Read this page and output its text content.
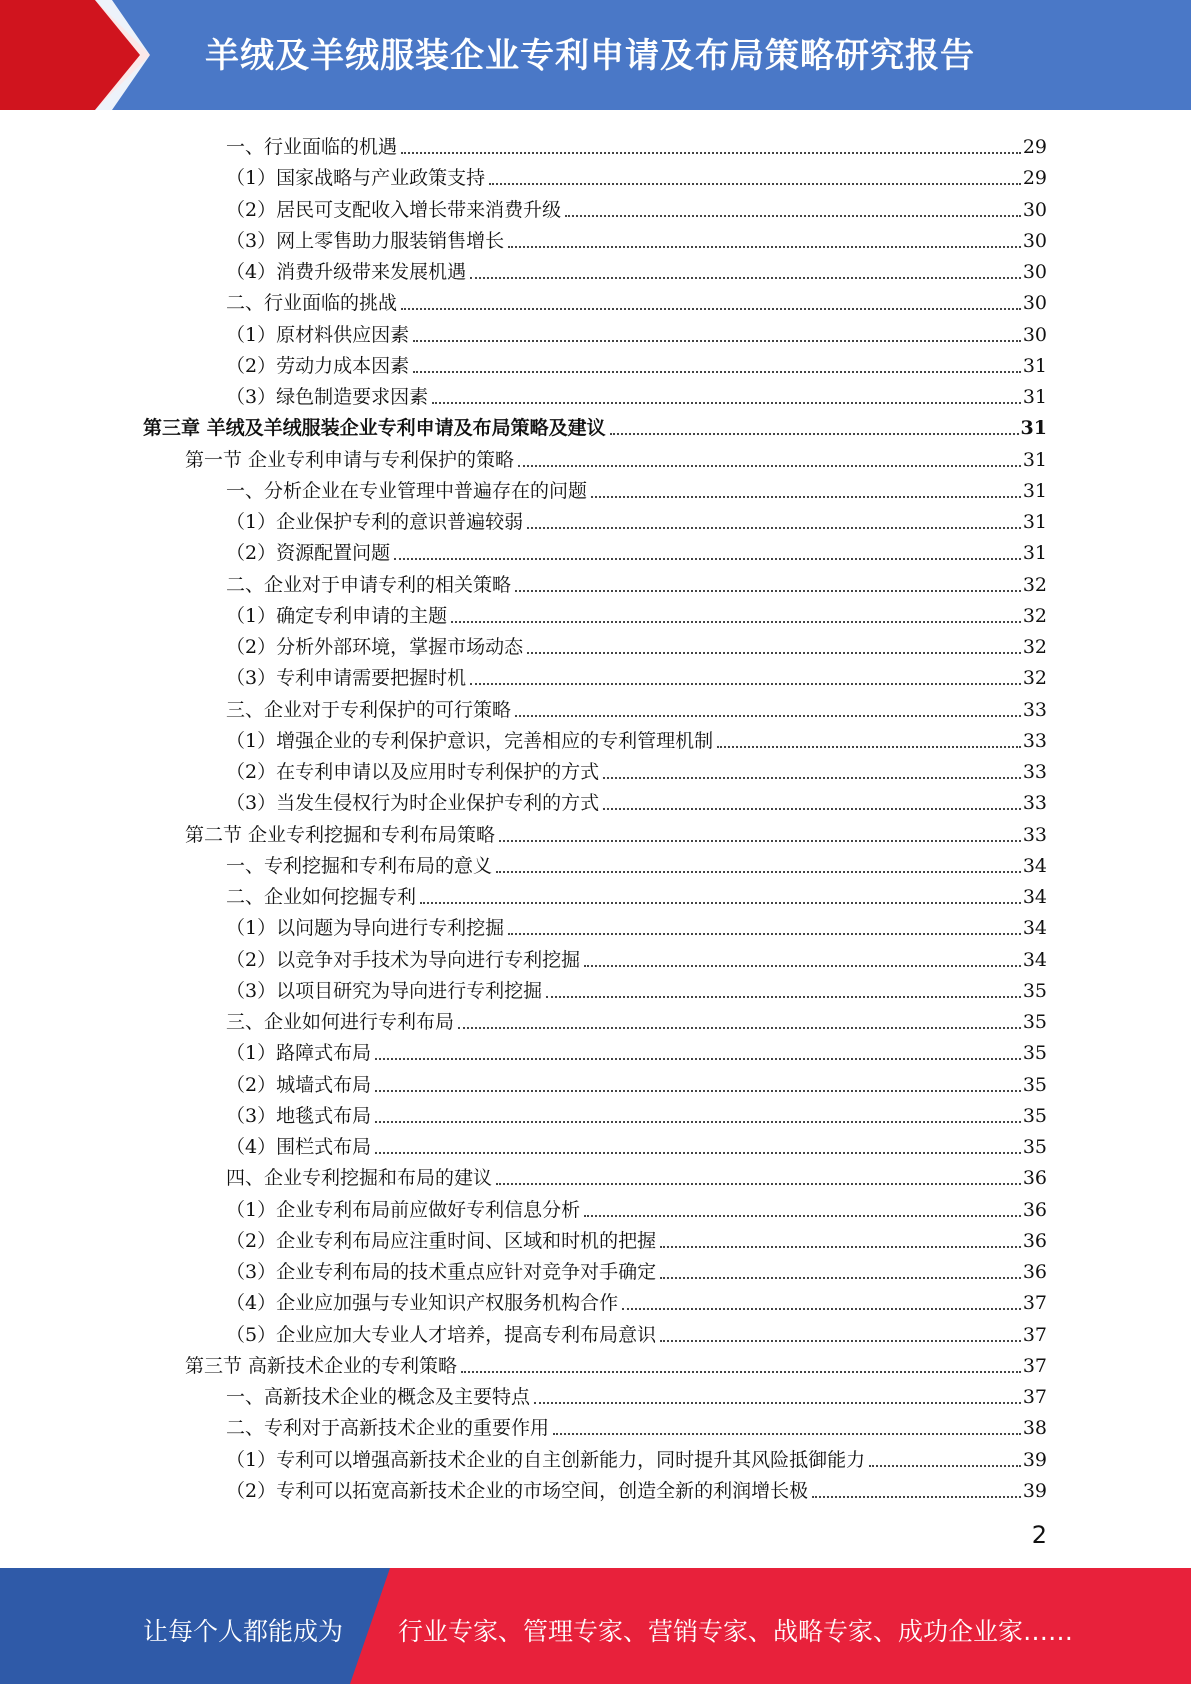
羊绒及羊绒服装企业专利申请及布局策略研究报告
一、行业面临的机遇	29
（1）国家战略与产业政策支持	29
（2）居民可支配收入增长带来消费升级	30
（3）网上零售助力服装销售增长	30
（4）消费升级带来发展机遇	30
二、行业面临的挑战	30
（1）原材料供应因素	30
（2）劳动力成本因素	31
（3）绿色制造要求因素	31
第三章 羊绒及羊绒服装企业专利申请及布局策略及建议	31
第一节 企业专利申请与专利保护的策略	31
一、分析企业在专业管理中普遍存在的问题	31
（1）企业保护专利的意识普遍较弱	31
（2）资源配置问题	31
二、企业对于申请专利的相关策略	32
（1）确定专利申请的主题	32
（2）分析外部环境，掌握市场动态	32
（3）专利申请需要把握时机	32
三、企业对于专利保护的可行策略	33
（1）增强企业的专利保护意识，完善相应的专利管理机制	33
（2）在专利申请以及应用时专利保护的方式	33
（3）当发生侵权行为时企业保护专利的方式	33
第二节 企业专利挖掘和专利布局策略	33
一、专利挖掘和专利布局的意义	34
二、企业如何挖掘专利	34
（1）以问题为导向进行专利挖掘	34
（2）以竞争对手技术为导向进行专利挖掘	34
（3）以项目研究为导向进行专利挖掘	35
三、企业如何进行专利布局	35
（1）路障式布局	35
（2）城墙式布局	35
（3）地毯式布局	35
（4）围栏式布局	35
四、企业专利挖掘和布局的建议	36
（1）企业专利布局前应做好专利信息分析	36
（2）企业专利布局应注重时间、区域和时机的把握	36
（3）企业专利布局的技术重点应针对竞争对手确定	36
（4）企业应加强与专业知识产权服务机构合作	37
（5）企业应加大专业人才培养，提高专利布局意识	37
第三节 高新技术企业的专利策略	37
一、高新技术企业的概念及主要特点	37
二、专利对于高新技术企业的重要作用	38
（1）专利可以增强高新技术企业的自主创新能力，同时提升其风险抵御能力	39
（2）专利可以拓宽高新技术企业的市场空间，创造全新的利润增长极	39
2
让每个人都能成为 行业专家、管理专家、营销专家、战略专家、成功企业家……
